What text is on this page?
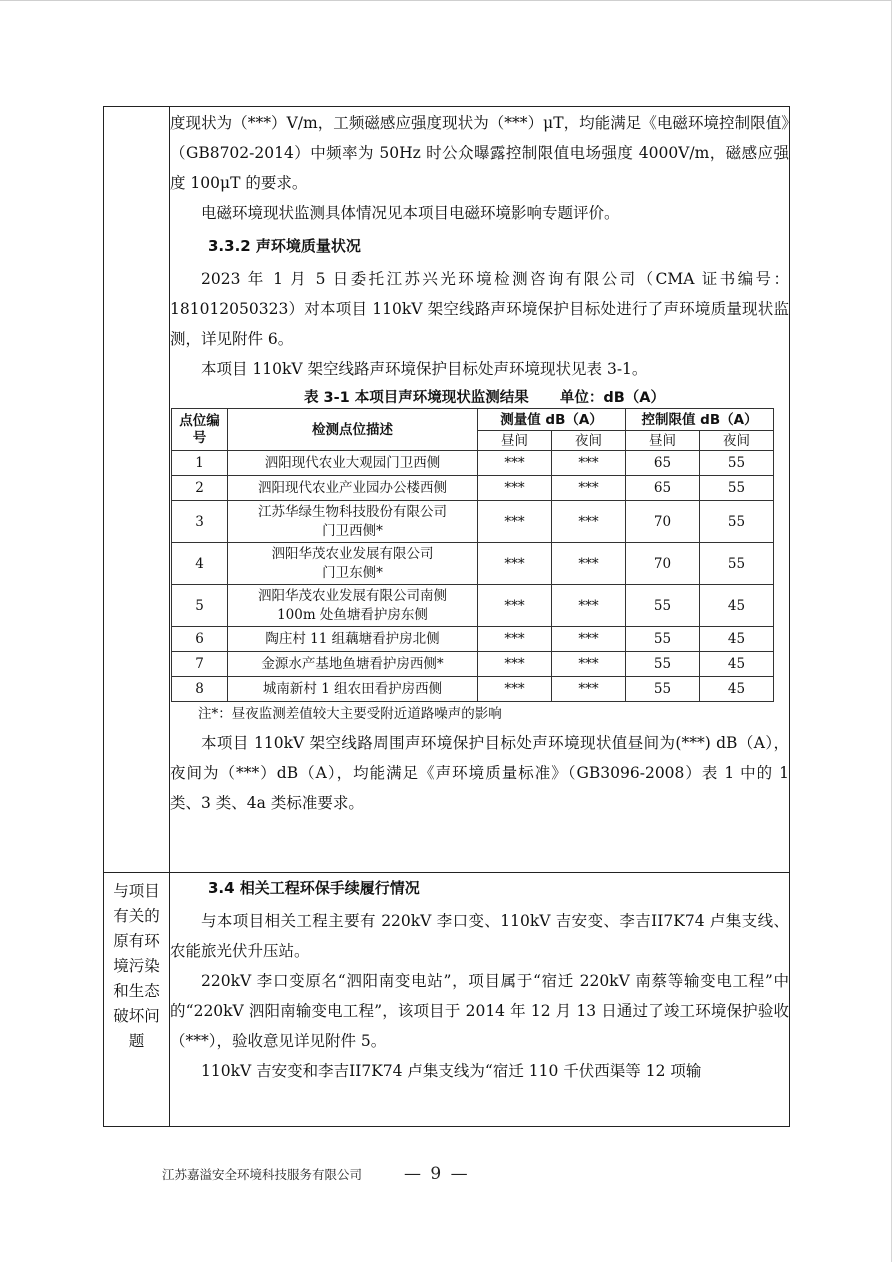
度现状为（***）V/m，工频磁感应强度现状为（***）μT，均能满足《电磁环境控制限值》（GB8702-2014）中频率为 50Hz 时公众曝露控制限值电场强度 4000V/m，磁感应强度 100μT 的要求。

电磁环境现状监测具体情况见本项目电磁环境影响专题评价。

3.3.2 声环境质量状况

2023 年 1 月 5 日委托江苏兴光环境检测咨询有限公司（CMA 证书编号：181012050323）对本项目 110kV 架空线路声环境保护目标处进行了声环境质量现状监测，详见附件 6。

本项目 110kV 架空线路声环境保护目标处声环境现状见表 3-1。

表 3-1 本项目声环境现状监测结果 单位：dB（A）
点位编号	检测点位描述	测量值 dB（A）	控制限值 dB（A）
昼间	夜间	昼间	夜间
1	泗阳现代农业大观园门卫西侧	***	***	65	55
2	泗阳现代农业产业园办公楼西侧	***	***	65	55
3	江苏华绿生物科技股份有限公司门卫西侧*	***	***	70	55
4	泗阳华茂农业发展有限公司门卫东侧*	***	***	70	55
5	泗阳华茂农业发展有限公司南侧 100m 处鱼塘看护房东侧	***	***	55	45
6	陶庄村 11 组藕塘看护房北侧	***	***	55	45
7	金源水产基地鱼塘看护房西侧*	***	***	55	45
8	城南新村 1 组农田看护房西侧	***	***	55	45
注*：昼夜监测差值较大主要受附近道路噪声的影响

本项目 110kV 架空线路周围声环境保护目标处声环境现状值昼间为(***) dB（A），夜间为（***）dB（A），均能满足《声环境质量标准》（GB3096-2008）表 1 中的 1 类、3 类、4a 类标准要求。

与项目有关的原有环境污染和生态破坏问题

3.4 相关工程环保手续履行情况

与本项目相关工程主要有 220kV 李口变、110kV 吉安变、李吉II7K74 卢集支线、农能旅光伏升压站。

220kV 李口变原名“泗阳南变电站”，项目属于“宿迁 220kV 南蔡等输变电工程”中的“220kV 泗阳南输变电工程”，该项目于 2014 年 12 月 13 日通过了竣工环境保护验收（***），验收意见详见附件 5。

110kV 吉安变和李吉II7K74 卢集支线为“宿迁 110 千伏西渠等 12 项输

江苏嘉溢安全环境科技服务有限公司 — 9 —
